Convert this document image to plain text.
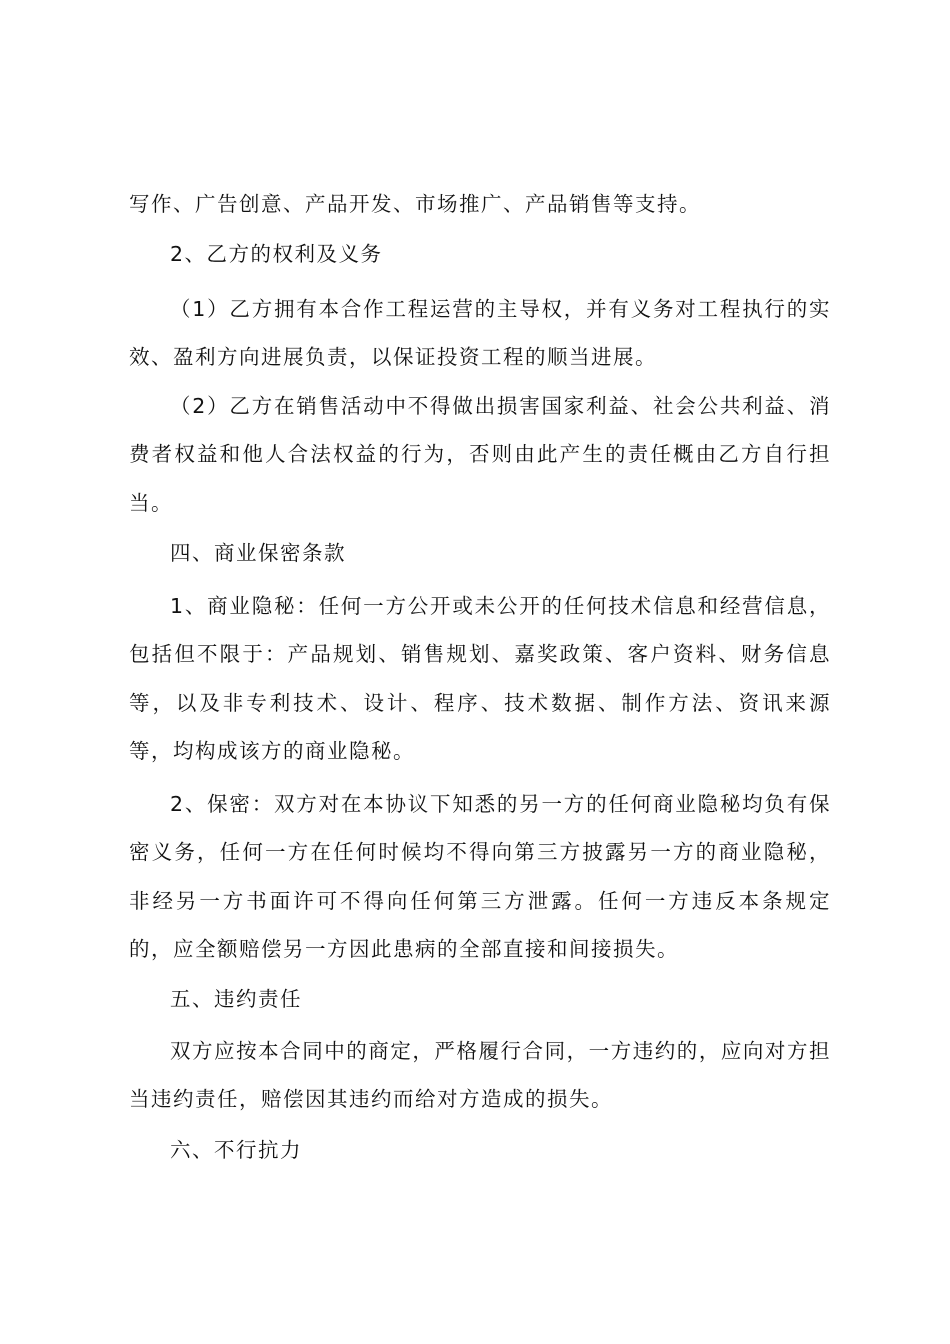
写作、广告创意、产品开发、市场推广、产品销售等支持。

2、乙方的权利及义务

（1）乙方拥有本合作工程运营的主导权，并有义务对工程执行的实效、盈利方向进展负责，以保证投资工程的顺当进展。

（2）乙方在销售活动中不得做出损害国家利益、社会公共利益、消费者权益和他人合法权益的行为，否则由此产生的责任概由乙方自行担当。

四、商业保密条款

1、商业隐秘：任何一方公开或未公开的任何技术信息和经营信息，包括但不限于：产品规划、销售规划、嘉奖政策、客户资料、财务信息等，以及非专利技术、设计、程序、技术数据、制作方法、资讯来源等，均构成该方的商业隐秘。

2、保密：双方对在本协议下知悉的另一方的任何商业隐秘均负有保密义务，任何一方在任何时候均不得向第三方披露另一方的商业隐秘，非经另一方书面许可不得向任何第三方泄露。任何一方违反本条规定的，应全额赔偿另一方因此患病的全部直接和间接损失。

五、违约责任

双方应按本合同中的商定，严格履行合同，一方违约的，应向对方担当违约责任，赔偿因其违约而给对方造成的损失。

六、不行抗力
